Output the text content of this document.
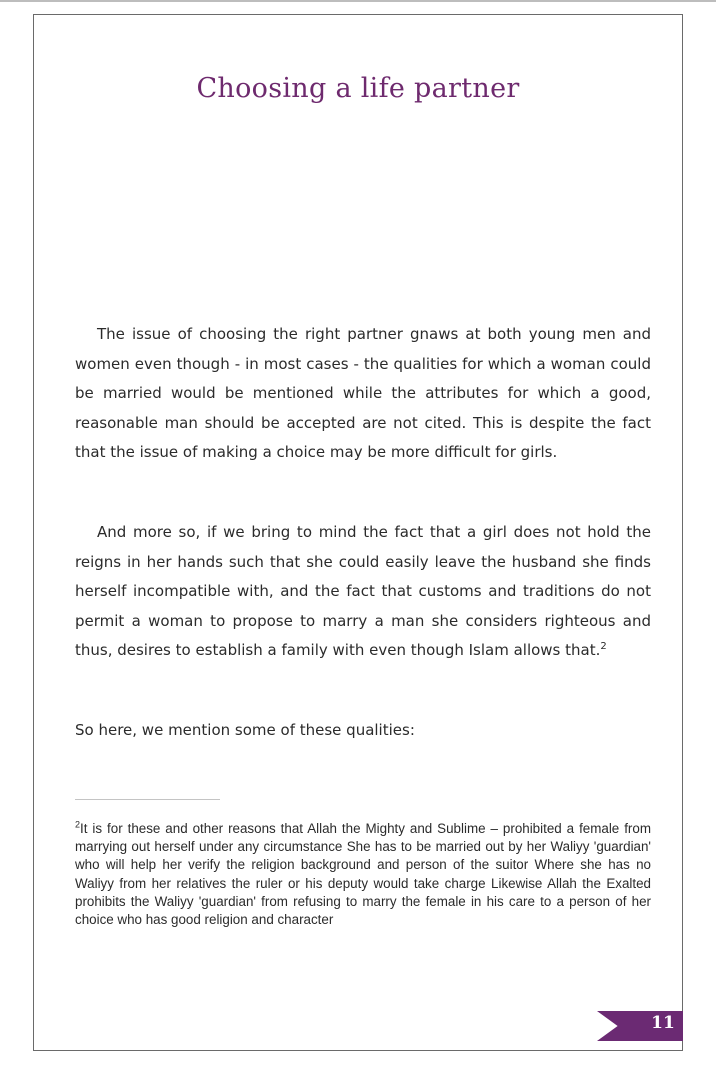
Choosing a life partner

The issue of choosing the right partner gnaws at both young men and women even though - in most cases - the qualities for which a woman could be married would be mentioned while the attributes for which a good, reasonable man should be accepted are not cited. This is despite the fact that the issue of making a choice may be more difficult for girls.

And more so, if we bring to mind the fact that a girl does not hold the reigns in her hands such that she could easily leave the husband she finds herself incompatible with, and the fact that customs and traditions do not permit a woman to propose to marry a man she considers righteous and thus, desires to establish a family with even though Islam allows that.$^2$

So here, we mention some of these qualities:

$^2$It is for these and other reasons that Allah the Mighty and Sublime – prohibited a female from marrying out herself under any circumstance She has to be married out by her Waliyy 'guardian' who will help her verify the religion background and person of the suitor Where she has no Waliyy from her relatives the ruler or his deputy would take charge Likewise Allah the Exalted prohibits the Waliyy 'guardian' from refusing to marry the female in his care to a person of her choice who has good religion and character

11
